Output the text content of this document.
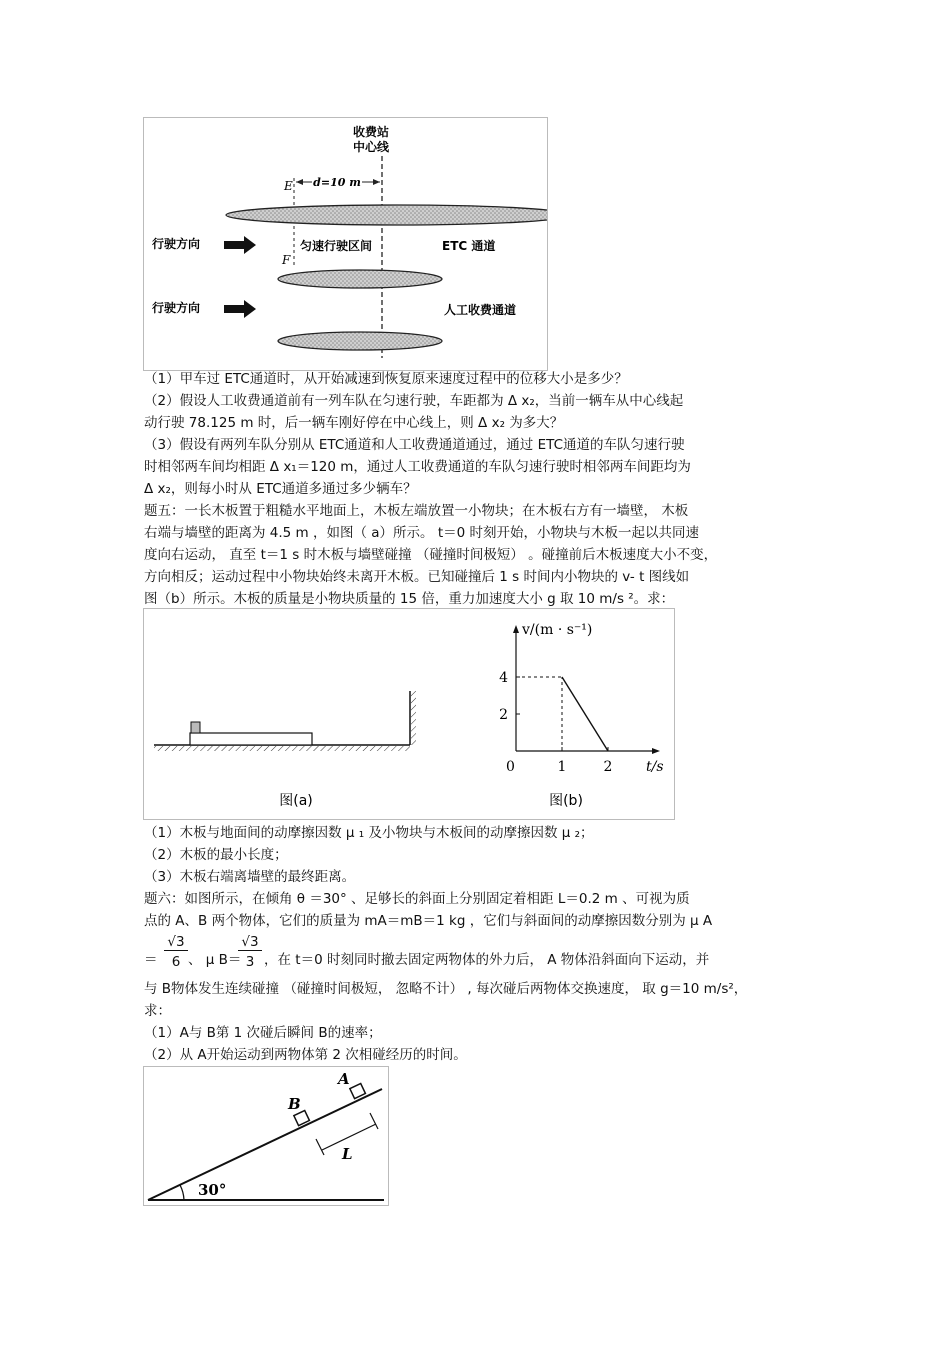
收费站
中心线
E
F
d=10 m
行驶方向
行驶方向
匀速行驶区间	ETC 通道
人工收费通道
（1）甲车过 ETC通道时，从开始减速到恢复原来速度过程中的位移大小是多少？
（2）假设人工收费通道前有一列车队在匀速行驶，车距都为 Δ x₂，当前一辆车从中心线起
动行驶 78.125 m 时，后一辆车刚好停在中心线上，则 Δ x₂ 为多大？
（3）假设有两列车队分别从 ETC通道和人工收费通道通过，通过 ETC通道的车队匀速行驶
时相邻两车间均相距 Δ x₁＝120 m，通过人工收费通道的车队匀速行驶时相邻两车间距均为
Δ x₂，则每小时从 ETC通道多通过多少辆车？
题五：一长木板置于粗糙水平地面上，木板左端放置一小物块；在木板右方有一墙壁， 木板
右端与墙壁的距离为 4.5 m ，如图（ a）所示。 t＝0 时刻开始，小物块与木板一起以共同速
度向右运动， 直至 t＝1 s 时木板与墙壁碰撞 （碰撞时间极短） 。碰撞前后木板速度大小不变，
方向相反；运动过程中小物块始终未离开木板。已知碰撞后 1 s 时间内小物块的 v- t 图线如
图（b）所示。木板的质量是小物块质量的 15 倍，重力加速度大小 g 取 10 m/s ²。求：
图(a)
v/(m · s⁻¹)
t/s
0	1	2
2
4
图(b)
（1）木板与地面间的动摩擦因数 μ ₁ 及小物块与木板间的动摩擦因数 μ ₂；
（2）木板的最小长度；
（3）木板右端离墙壁的最终距离。
题六：如图所示，在倾角 θ ＝30° 、足够长的斜面上分别固定着相距 L＝0.2 m 、可视为质
点的 A、B 两个物体，它们的质量为 mA＝mB＝1 kg ，它们与斜面间的动摩擦因数分别为 μ A
＝
√3
6 、 μ B＝
√3
3 ，在 t＝0 时刻同时撤去固定两物体的外力后， A 物体沿斜面向下运动，并
与 B物体发生连续碰撞 （碰撞时间极短， 忽略不计） , 每次碰后两物体交换速度， 取 g＝10 m/s²，
求：
（1）A与 B第 1 次碰后瞬间 B的速率；
（2）从 A开始运动到两物体第 2 次相碰经历的时间。
30°
B
A
L
